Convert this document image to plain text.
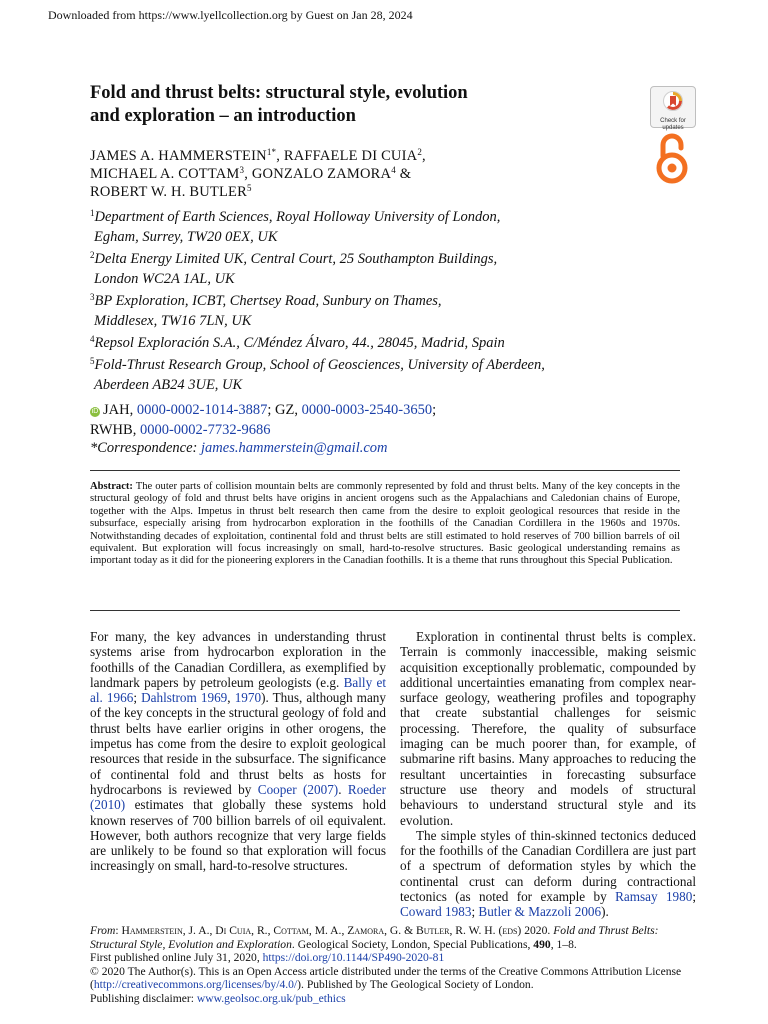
Downloaded from https://www.lyellcollection.org by Guest on Jan 28, 2024
Fold and thrust belts: structural style, evolution
and exploration – an introduction	Check for updates
JAMES A. $HAMMERSTEIN^{1*}$, RAFFAELE DI CUIA$^2$,
MICHAEL A. COTTAM$^3$, GONZALO ZAMORA$^4$ &
ROBERT W. H. BUTLER$^5$
$^1$Department of Earth Sciences, Royal Holloway University of London,
Egham, Surrey, TW20 0EX, UK
$^2$Delta Energy Limited UK, Central Court, 25 Southampton Buildings,
London WC2A 1AL, UK
$^3$BP Exploration, ICBT, Chertsey Road, Sunbury on Thames,
Middlesex, TW16 7LN, UK
$^4$Repsol Exploración S.A., C/Méndez Álvaro, 44., 28045, Madrid, Spain
$^5$Fold-Thrust Research Group, School of Geosciences, University of Aberdeen,
Aberdeen AB24 3UE, UK
iD JAH, 0000-0002-1014-3887; GZ, 0000-0003-2540-3650;
RWHB, 0000-0002-7732-9686
*Correspondence: james.hammerstein@gmail.com
Abstract: The outer parts of collision mountain belts are commonly represented by fold and thrust belts. Many of the key concepts in the structural geology of fold and thrust belts have origins in ancient orogens such as the Appalachians and Caledonian chains of Europe, together with the Alps. Impetus in thrust belt research then came from the desire to exploit geological resources that reside in the subsurface, especially arising from hydrocarbon exploration in the foothills of the Canadian Cordillera in the 1960s and 1970s. Notwithstanding decades of exploitation, continental fold and thrust belts are still estimated to hold reserves of 700 billion barrels of oil equivalent. But exploration will focus increasingly on small, hard-to-resolve structures. Basic geological understanding remains as important today as it did for the pioneering explorers in the Canadian foothills. It is a theme that runs throughout this Special Publication.

For many, the key advances in understanding thrust systems arise from hydrocarbon exploration in the foothills of the Canadian Cordillera, as exemplified by landmark papers by petroleum geologists (e.g. Bally et al. 1966; Dahlstrom 1969, 1970). Thus, although many of the key concepts in the structural geology of fold and thrust belts have earlier origins in other orogens, the impetus has come from the desire to exploit geological resources that reside in the subsurface. The significance of continental fold and thrust belts as hosts for hydrocarbons is reviewed by Cooper (2007). Roeder (2010) estimates that globally these systems hold known reserves of 700 billion barrels of oil equivalent. However, both authors recognize that very large fields are unlikely to be found so that exploration will focus increasingly on small, hard-to-resolve structures.

Exploration in continental thrust belts is complex. Terrain is commonly inaccessible, making seismic acquisition exceptionally problematic, compounded by additional uncertainties emanating from complex near-surface geology, weathering profiles and topography that create substantial challenges for seismic processing. Therefore, the quality of subsurface imaging can be much poorer than, for example, of submarine rift basins. Many approaches to reducing the resultant uncertainties in forecasting subsurface structure use theory and models of structural behaviours to understand structural style and its evolution.

The simple styles of thin-skinned tectonics deduced for the foothills of the Canadian Cordillera are just part of a spectrum of deformation styles by which the continental crust can deform during contractional tectonics (as noted for example by Ramsay 1980; Coward 1983; Butler & Mazzoli 2006).

From: Hammerstein, J. A., Di Cuia, R., Cottam, M. A., Zamora, G. & Butler, R. W. H. (eds) 2020. Fold and Thrust Belts: Structural Style, Evolution and Exploration. Geological Society, London, Special Publications, 490, 1–8.

First published online July 31, 2020, https://doi.org/10.1144/SP490-2020-81

© 2020 The Author(s). This is an Open Access article distributed under the terms of the Creative Commons Attribution License (http://creativecommons.org/licenses/by/4.0/). Published by The Geological Society of London.

Publishing disclaimer: www.geolsoc.org.uk/pub_ethics
